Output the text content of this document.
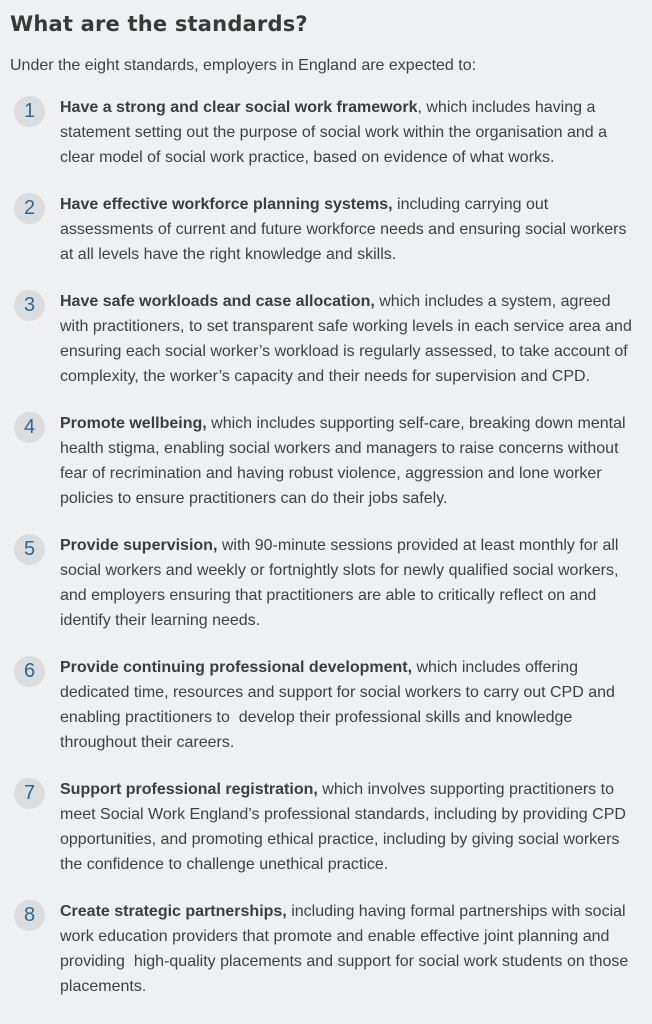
What are the standards?

Under the eight standards, employers in England are expected to:

1	Have a strong and clear social work framework, which includes having a statement setting out the purpose of social work within the organisation and a clear model of social work practice, based on evidence of what works.

2	Have effective workforce planning systems, including carrying out assessments of current and future workforce needs and ensuring social workers at all levels have the right knowledge and skills.

3	Have safe workloads and case allocation, which includes a system, agreed with practitioners, to set transparent safe working levels in each service area and ensuring each social worker’s workload is regularly assessed, to take account of complexity, the worker’s capacity and their needs for supervision and CPD.

4	Promote wellbeing, which includes supporting self-care, breaking down mental health stigma, enabling social workers and managers to raise concerns without fear of recrimination and having robust violence, aggression and lone worker policies to ensure practitioners can do their jobs safely.

5	Provide supervision, with 90-minute sessions provided at least monthly for all social workers and weekly or fortnightly slots for newly qualified social workers, and employers ensuring that practitioners are able to critically reflect on and identify their learning needs.

6	Provide continuing professional development, which includes offering dedicated time, resources and support for social workers to carry out CPD and enabling practitioners to  develop their professional skills and knowledge throughout their careers.

7	Support professional registration, which involves supporting practitioners to meet Social Work England’s professional standards, including by providing CPD opportunities, and promoting ethical practice, including by giving social workers the confidence to challenge unethical practice.

8	Create strategic partnerships, including having formal partnerships with social work education providers that promote and enable effective joint planning and providing  high-quality placements and support for social work students on those placements.
